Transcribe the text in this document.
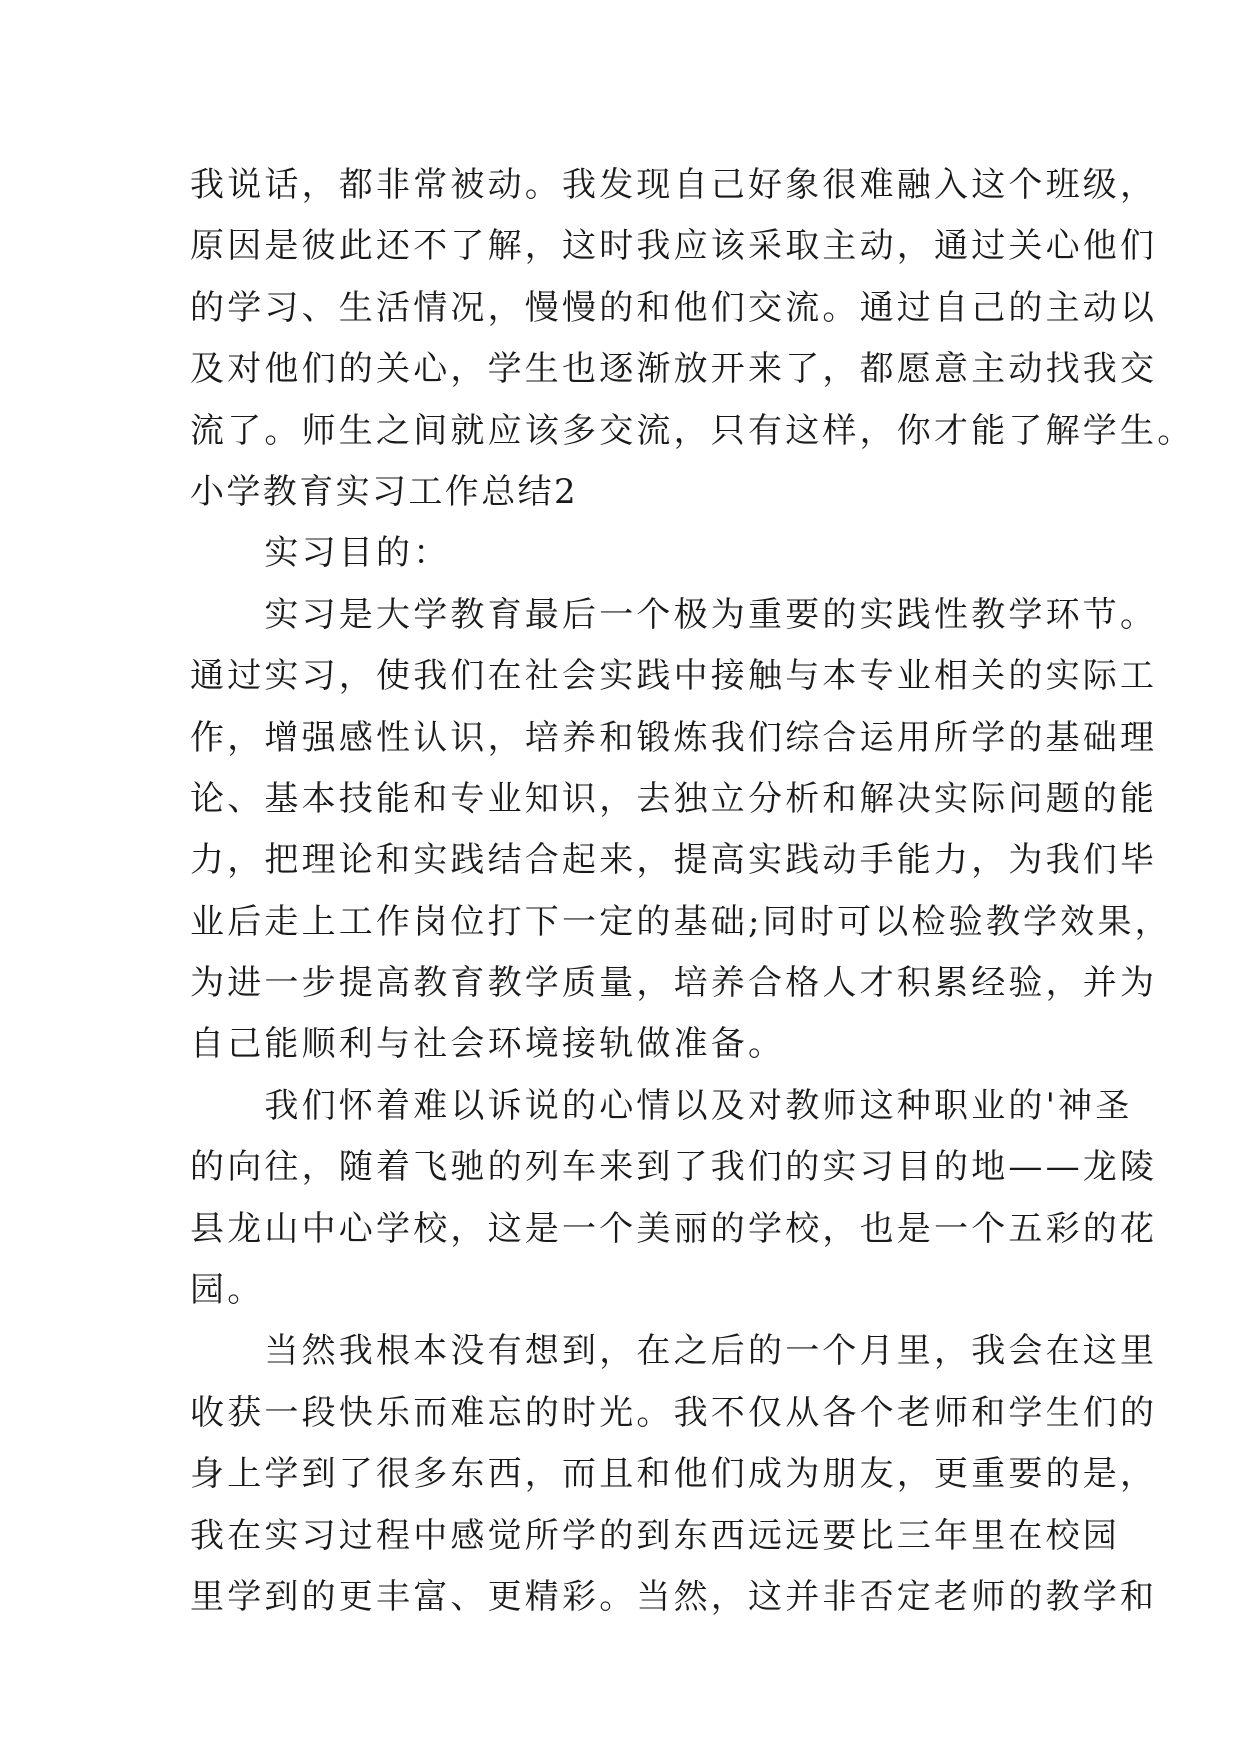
我说话，都非常被动。我发现自己好象很难融入这个班级，
原因是彼此还不了解，这时我应该采取主动，通过关心他们
的学习、生活情况，慢慢的和他们交流。通过自己的主动以
及对他们的关心，学生也逐渐放开来了，都愿意主动找我交
流了。师生之间就应该多交流，只有这样，你才能了解学生。
小学教育实习工作总结2
　　实习目的：
　　实习是大学教育最后一个极为重要的实践性教学环节。
通过实习，使我们在社会实践中接触与本专业相关的实际工
作，增强感性认识，培养和锻炼我们综合运用所学的基础理
论、基本技能和专业知识，去独立分析和解决实际问题的能
力，把理论和实践结合起来，提高实践动手能力，为我们毕
业后走上工作岗位打下一定的基础;同时可以检验教学效果，
为进一步提高教育教学质量，培养合格人才积累经验，并为
自己能顺利与社会环境接轨做准备。
　　我们怀着难以诉说的心情以及对教师这种职业的'神圣
的向往，随着飞驰的列车来到了我们的实习目的地——龙陵
县龙山中心学校，这是一个美丽的学校，也是一个五彩的花
园。
　　当然我根本没有想到，在之后的一个月里，我会在这里
收获一段快乐而难忘的时光。我不仅从各个老师和学生们的
身上学到了很多东西，而且和他们成为朋友，更重要的是，
我在实习过程中感觉所学的到东西远远要比三年里在校园
里学到的更丰富、更精彩。当然，这并非否定老师的教学和
